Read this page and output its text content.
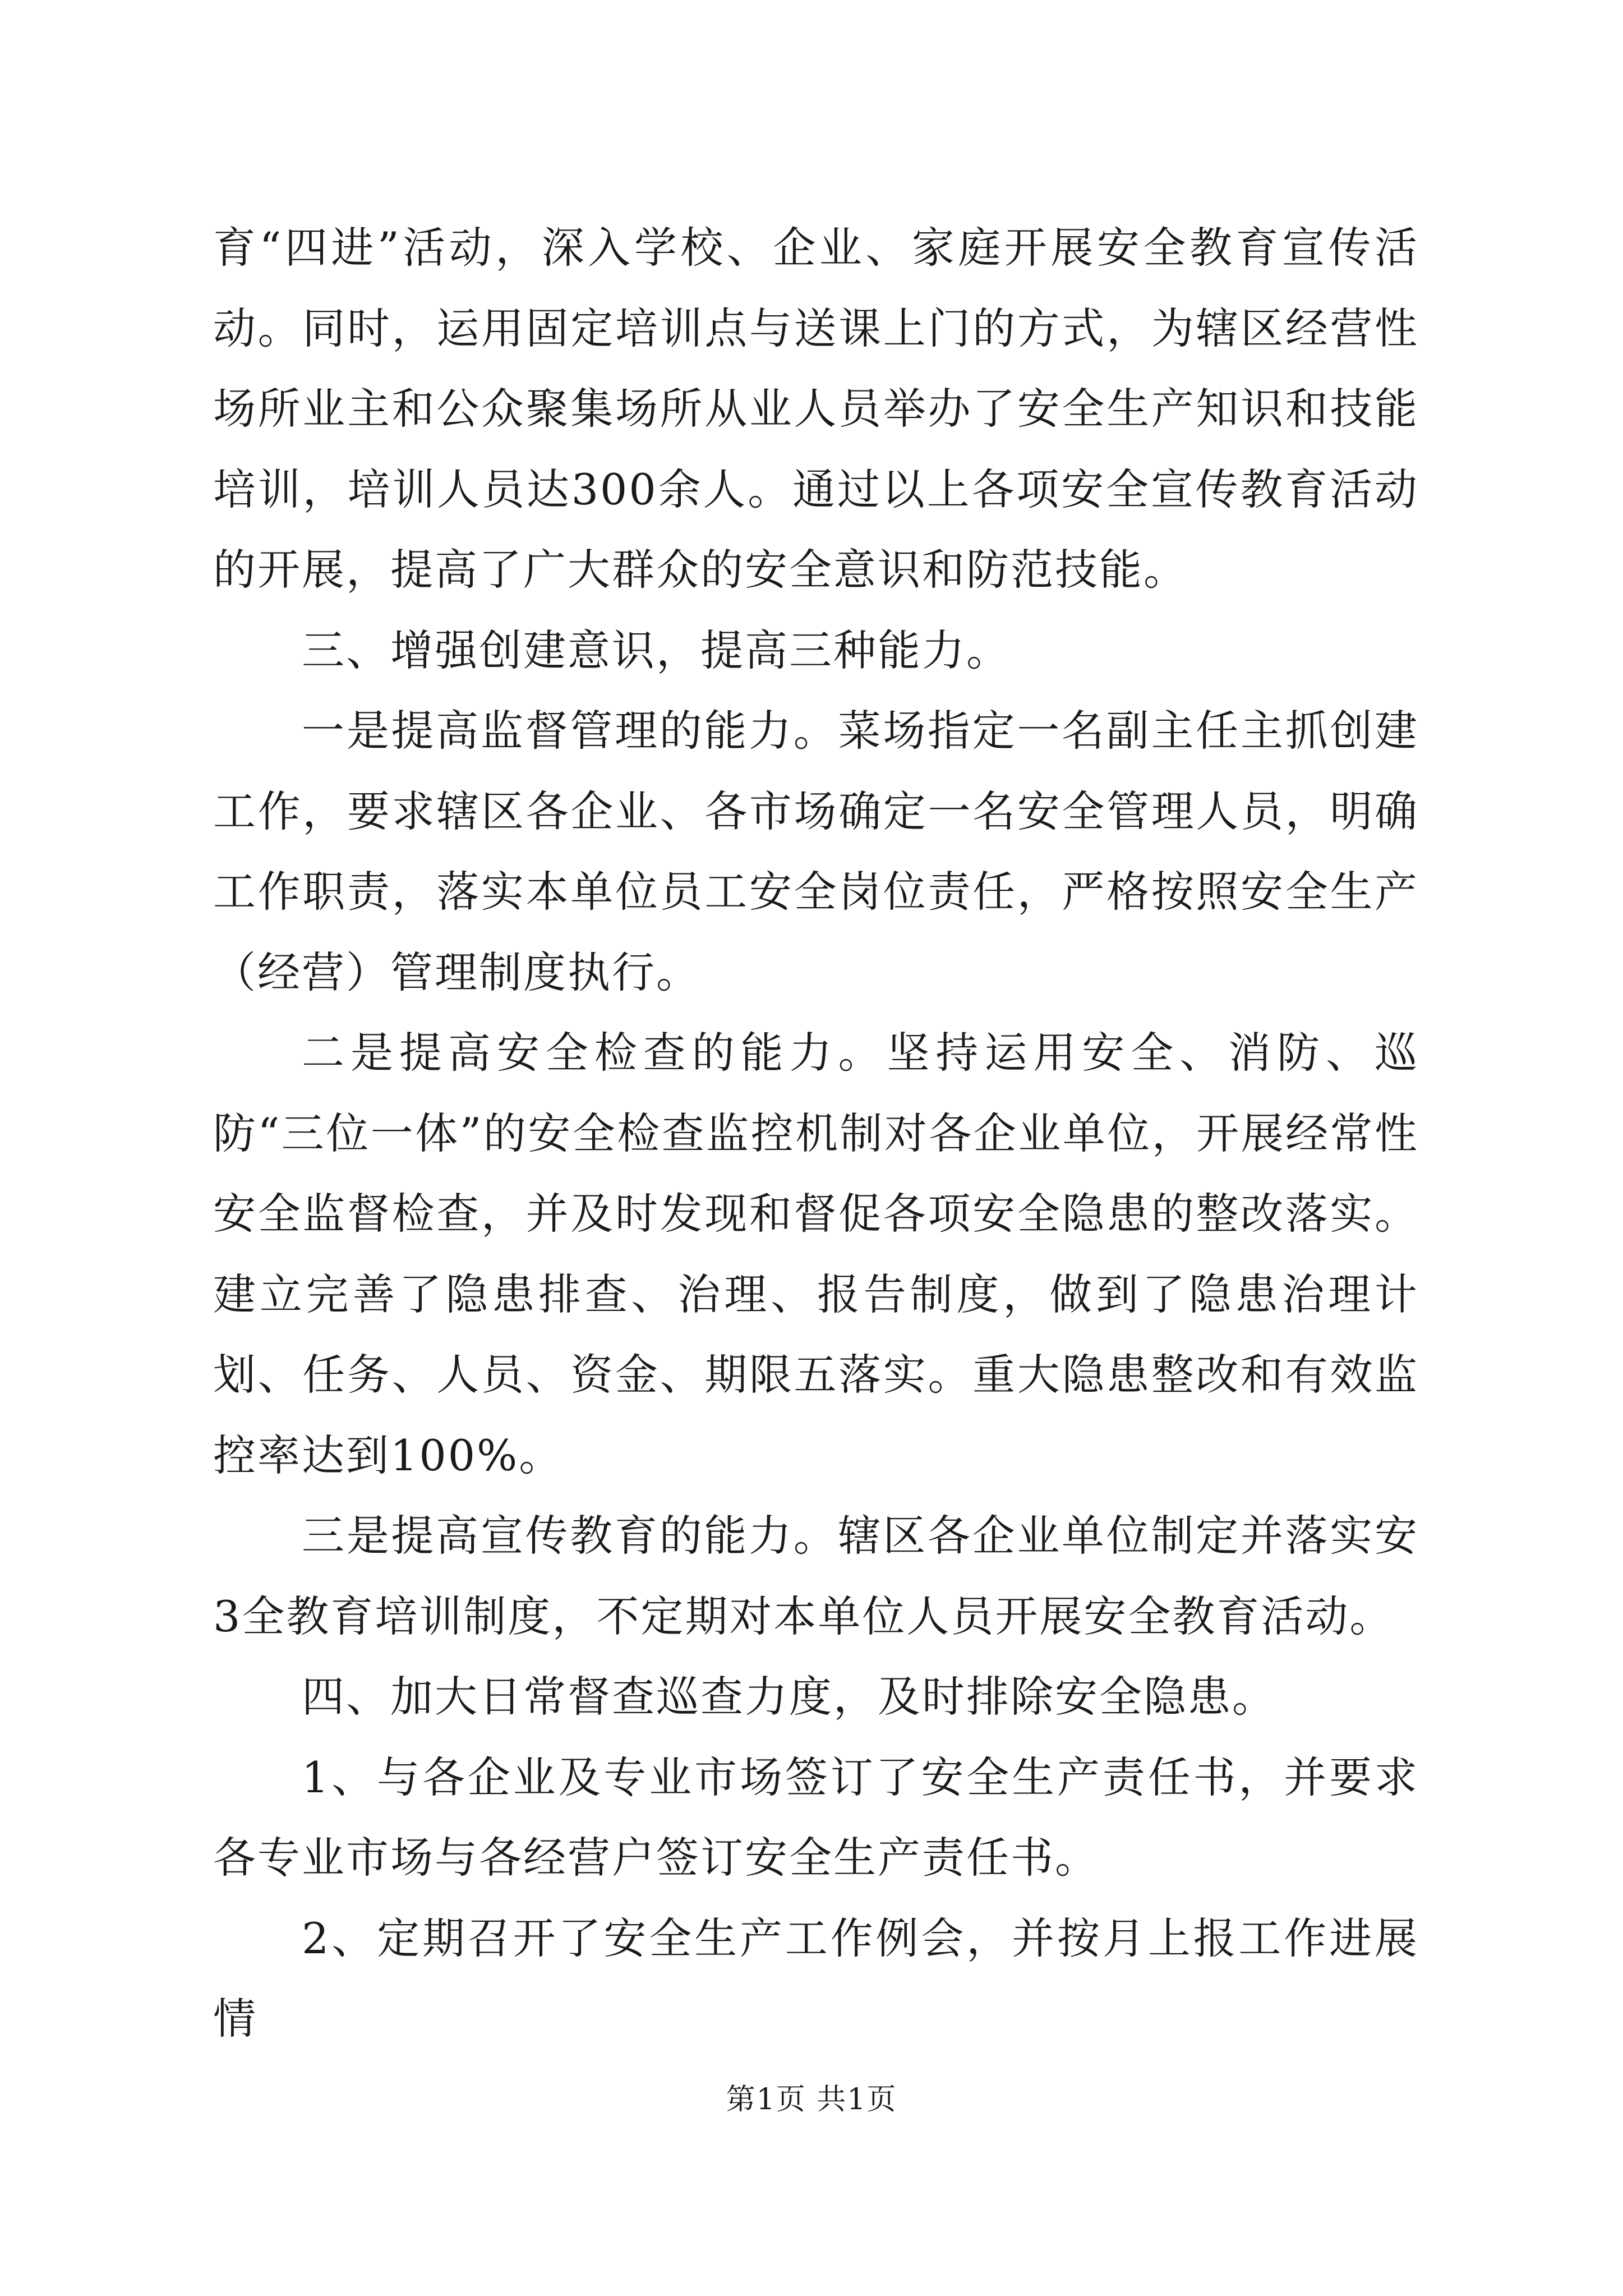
育“四进”活动，深入学校、企业、家庭开展安全教育宣传活动。同时，运用固定培训点与送课上门的方式，为辖区经营性场所业主和公众聚集场所从业人员举办了安全生产知识和技能培训，培训人员达300余人。通过以上各项安全宣传教育活动的开展，提高了广大群众的安全意识和防范技能。

三、增强创建意识，提高三种能力。

一是提高监督管理的能力。菜场指定一名副主任主抓创建工作，要求辖区各企业、各市场确定一名安全管理人员，明确工作职责，落实本单位员工安全岗位责任，严格按照安全生产（经营）管理制度执行。

二是提高安全检查的能力。坚持运用安全、消防、巡防“三位一体”的安全检查监控机制对各企业单位，开展经常性安全监督检查，并及时发现和督促各项安全隐患的整改落实。建立完善了隐患排查、治理、报告制度，做到了隐患治理计划、任务、人员、资金、期限五落实。重大隐患整改和有效监控率达到100%。

三是提高宣传教育的能力。辖区各企业单位制定并落实安3全教育培训制度，不定期对本单位人员开展安全教育活动。

四、加大日常督查巡查力度，及时排除安全隐患。

1、与各企业及专业市场签订了安全生产责任书，并要求各专业市场与各经营户签订安全生产责任书。

2、定期召开了安全生产工作例会，并按月上报工作进展情

第1页 共1页
